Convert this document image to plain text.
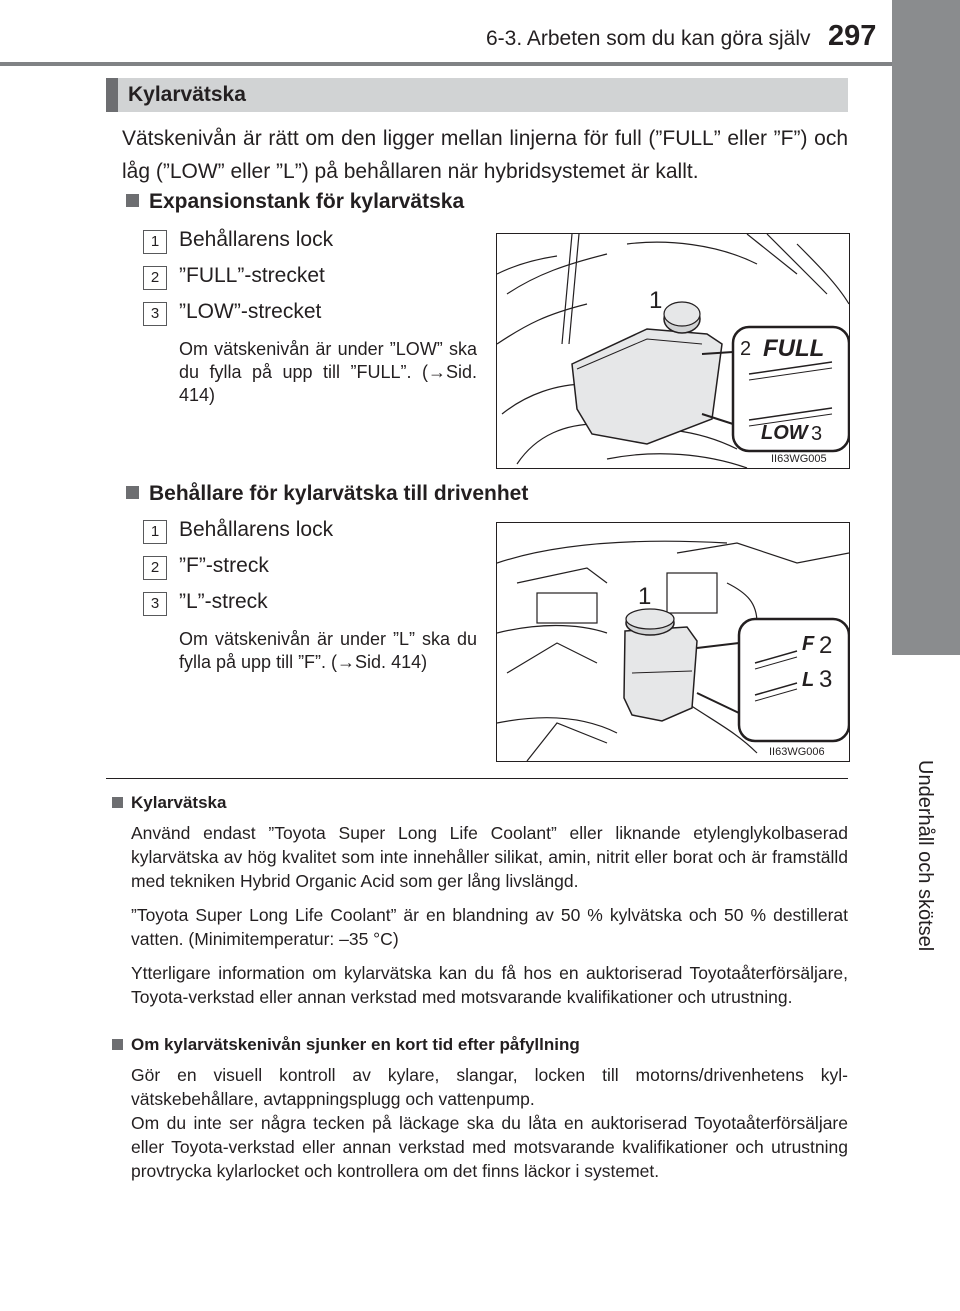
6-3. Arbeten som du kan göra själv 297
6
Underhåll och skötsel
Kylarvätska
Vätskenivån är rätt om den ligger mellan linjerna för full (”FULL” eller ”F”) och låg (”LOW” eller ”L”) på behållaren när hybridsystemet är kallt.
Expansionstank för kylarvätska
1 Behållarens lock
2 ”FULL”-strecket
3 ”LOW”-strecket
Om vätskenivån är under ”LOW” ska du fylla på upp till ”FULL”. (→Sid. 414)
II63WG005
1
2 FULL
LOW 3
Behållare för kylarvätska till drivenhet
1 Behållarens lock
2 ”F”-streck
3 ”L”-streck
Om vätskenivån är under ”L” ska du fylla på upp till ”F”. (→Sid. 414)
II63WG006
1
F 2
L 3
Kylarvätska
Använd endast ”Toyota Super Long Life Coolant” eller liknande etylenglykolbaserad kylarvätska av hög kvalitet som inte innehåller silikat, amin, nitrit eller borat och är framställd med tekniken Hybrid Organic Acid som ger lång livslängd.
”Toyota Super Long Life Coolant” är en blandning av 50 % kylvätska och 50 % destillerat vatten. (Minimitemperatur: –35 °C)
Ytterligare information om kylarvätska kan du få hos en auktoriserad Toyotaåterförsäljare, Toyota-verkstad eller annan verkstad med motsvarande kvalifikationer och utrustning.
Om kylarvätskenivån sjunker en kort tid efter påfyllning
Gör en visuell kontroll av kylare, slangar, locken till motorns/drivenhetens kylvätskebehållare, avtappningsplugg och vattenpump.
Om du inte ser några tecken på läckage ska du låta en auktoriserad Toyotaåterförsäljare eller Toyota-verkstad eller annan verkstad med motsvarande kvalifikationer och utrustning provtrycka kylarlocket och kontrollera om det finns läckor i systemet.
